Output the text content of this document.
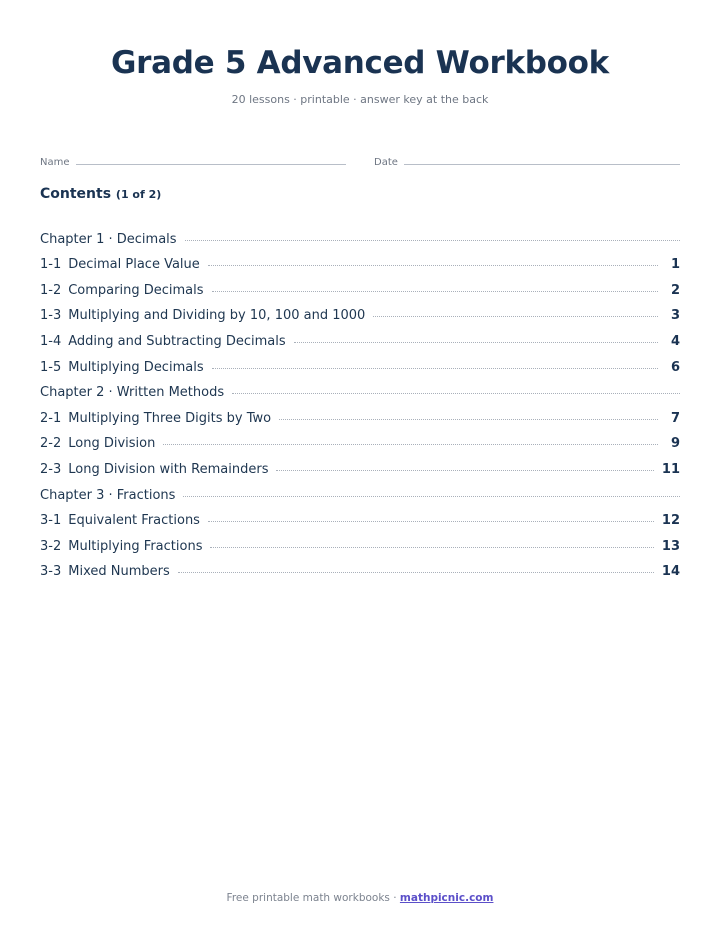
Grade 5 Advanced Workbook
20 lessons · printable · answer key at the back
Name	Date
Contents (1 of 2)
Chapter 1 · Decimals
1-1 Decimal Place Value	1
1-2 Comparing Decimals	2
1-3 Multiplying and Dividing by 10, 100 and 1000	3
1-4 Adding and Subtracting Decimals	4
1-5 Multiplying Decimals	6
Chapter 2 · Written Methods
2-1 Multiplying Three Digits by Two	7
2-2 Long Division	9
2-3 Long Division with Remainders	11
Chapter 3 · Fractions
3-1 Equivalent Fractions	12
3-2 Multiplying Fractions	13
3-3 Mixed Numbers	14
Free printable math workbooks · mathpicnic.com
